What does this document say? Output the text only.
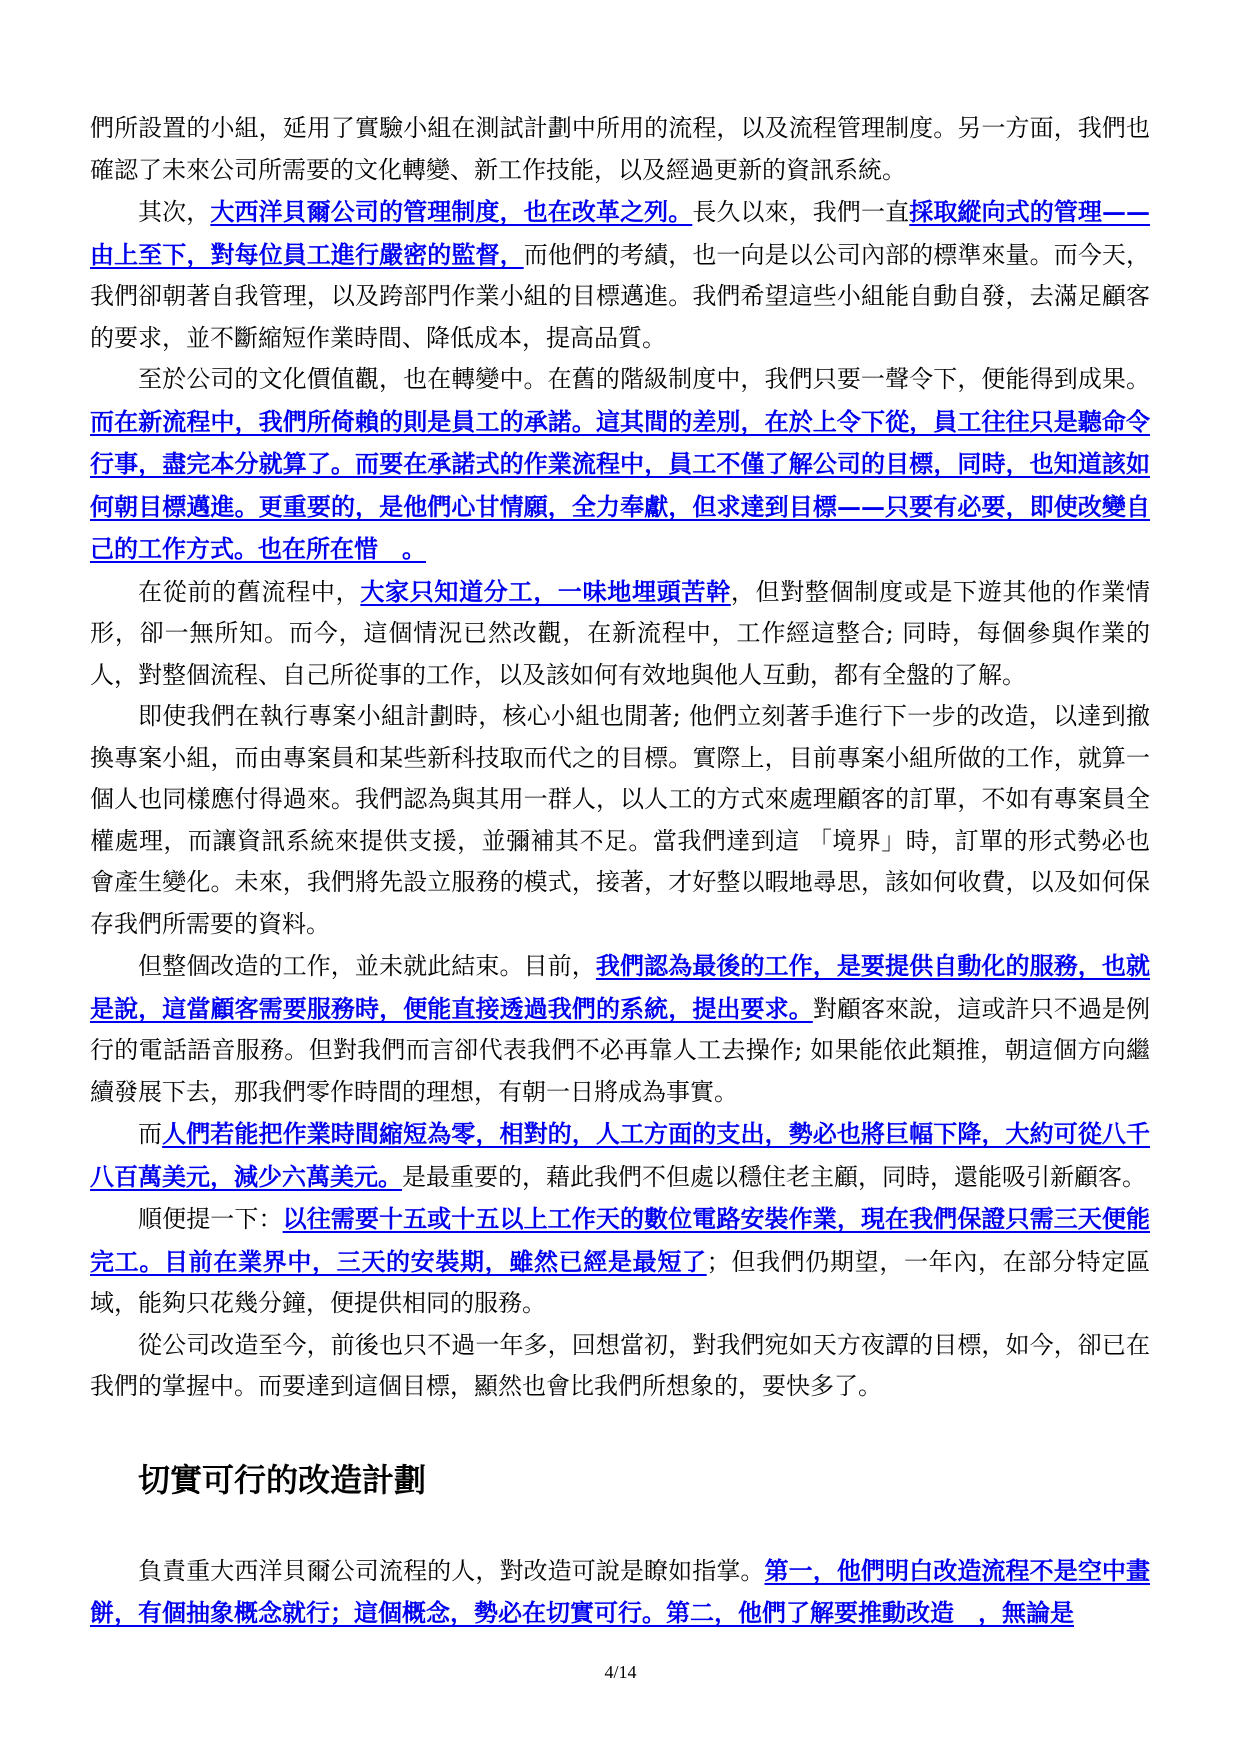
們所設置的小組，延用了實驗小組在測試計劃中所用的流程，以及流程管理制度。另一方面，我們也確認了未來公司所需要的文化轉變、新工作技能，以及經過更新的資訊系統。

其次，大西洋貝爾公司的管理制度，也在改革之列。長久以來，我們一直採取縱向式的管理——由上至下，對每位員工進行嚴密的監督，而他們的考績，也一向是以公司內部的標準來量。而今天，我們卻朝著自我管理，以及跨部門作業小組的目標邁進。我們希望這些小組能自動自發，去滿足顧客的要求，並不斷縮短作業時間、降低成本，提高品質。

至於公司的文化價值觀，也在轉變中。在舊的階級制度中，我們只要一聲令下，便能得到成果。而在新流程中，我們所倚賴的則是員工的承諾。這其間的差別，在於上令下從，員工往往只是聽命令行事，盡完本分就算了。而要在承諾式的作業流程中，員工不僅了解公司的目標，同時，也知道該如何朝目標邁進。更重要的，是他們心甘情願，全力奉獻，但求達到目標——只要有必要，即使改變自己的工作方式。也在所在惜　。

在從前的舊流程中，大家只知道分工，一味地埋頭苦幹，但對整個制度或是下遊其他的作業情形，卻一無所知。而今，這個情況已然改觀，在新流程中，工作經這整合; 同時，每個參與作業的人，對整個流程、自己所從事的工作，以及該如何有效地與他人互動，都有全盤的了解。

即使我們在執行專案小組計劃時，核心小組也閒著; 他們立刻著手進行下一步的改造，以達到撤換專案小組，而由專案員和某些新科技取而代之的目標。實際上，目前專案小組所做的工作，就算一個人也同樣應付得過來。我們認為與其用一群人，以人工的方式來處理顧客的訂單，不如有專案員全權處理，而讓資訊系統來提供支援，並彌補其不足。當我們達到這 「境界」時，訂單的形式勢必也會產生變化。未來，我們將先設立服務的模式，接著，才好整以暇地尋思，該如何收費，以及如何保存我們所需要的資料。

但整個改造的工作，並未就此結束。目前，我們認為最後的工作，是要提供自動化的服務，也就是說，這當顧客需要服務時，便能直接透過我們的系統，提出要求。對顧客來說，這或許只不過是例行的電話語音服務。但對我們而言卻代表我們不必再靠人工去操作; 如果能依此類推，朝這個方向繼續發展下去，那我們零作時間的理想，有朝一日將成為事實。

而人們若能把作業時間縮短為零，相對的，人工方面的支出，勢必也將巨幅下降，大約可從八千八百萬美元，減少六萬美元。是最重要的，藉此我們不但處以穩住老主顧，同時，還能吸引新顧客。

順便提一下：以往需要十五或十五以上工作天的數位電路安裝作業，現在我們保證只需三天便能完工。目前在業界中，三天的安裝期，雖然已經是最短了；但我們仍期望，一年內，在部分特定區域，能夠只花幾分鐘，便提供相同的服務。

從公司改造至今，前後也只不過一年多，回想當初，對我們宛如天方夜譚的目標，如今，卻已在我們的掌握中。而要達到這個目標，顯然也會比我們所想象的，要快多了。

切實可行的改造計劃

負責重大西洋貝爾公司流程的人，對改造可說是瞭如指掌。第一，他們明白改造流程不是空中畫餅，有個抽象概念就行；這個概念，勢必在切實可行。第二，他們了解要推動改造　，無論是

4/14
